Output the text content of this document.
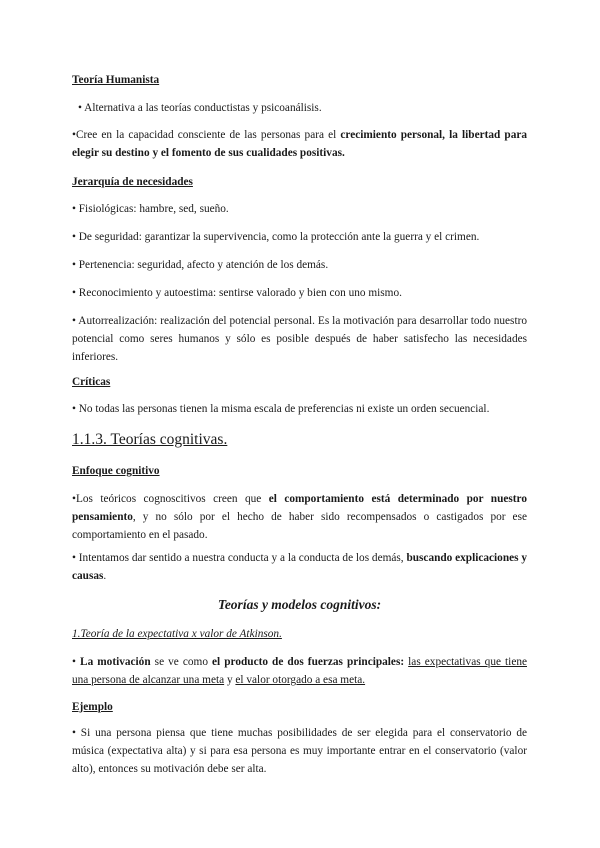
Teoría Humanista

• Alternativa a las teorías conductistas y psicoanálisis.

•Cree en la capacidad consciente de las personas para el crecimiento personal, la libertad para elegir su destino y el fomento de sus cualidades positivas.

Jerarquía de necesidades

• Fisiológicas: hambre, sed, sueño.

• De seguridad: garantizar la supervivencia, como la protección ante la guerra y el crimen.

• Pertenencia: seguridad, afecto y atención de los demás.

• Reconocimiento y autoestima: sentirse valorado y bien con uno mismo.

• Autorrealización: realización del potencial personal. Es la motivación para desarrollar todo nuestro potencial como seres humanos y sólo es posible después de haber satisfecho las necesidades inferiores.

Críticas

• No todas las personas tienen la misma escala de preferencias ni existe un orden secuencial.

1.1.3. Teorías cognitivas.

Enfoque cognitivo

•Los teóricos cognoscitivos creen que el comportamiento está determinado por nuestro pensamiento, y no sólo por el hecho de haber sido recompensados o castigados por ese comportamiento en el pasado.

• Intentamos dar sentido a nuestra conducta y a la conducta de los demás, buscando explicaciones y causas.

Teorías y modelos cognitivos:

1.Teoría de la expectativa x valor de Atkinson.

• La motivación se ve como el producto de dos fuerzas principales: las expectativas que tiene una persona de alcanzar una meta y el valor otorgado a esa meta.

Ejemplo

• Si una persona piensa que tiene muchas posibilidades de ser elegida para el conservatorio de música (expectativa alta) y si para esa persona es muy importante entrar en el conservatorio (valor alto), entonces su motivación debe ser alta.
